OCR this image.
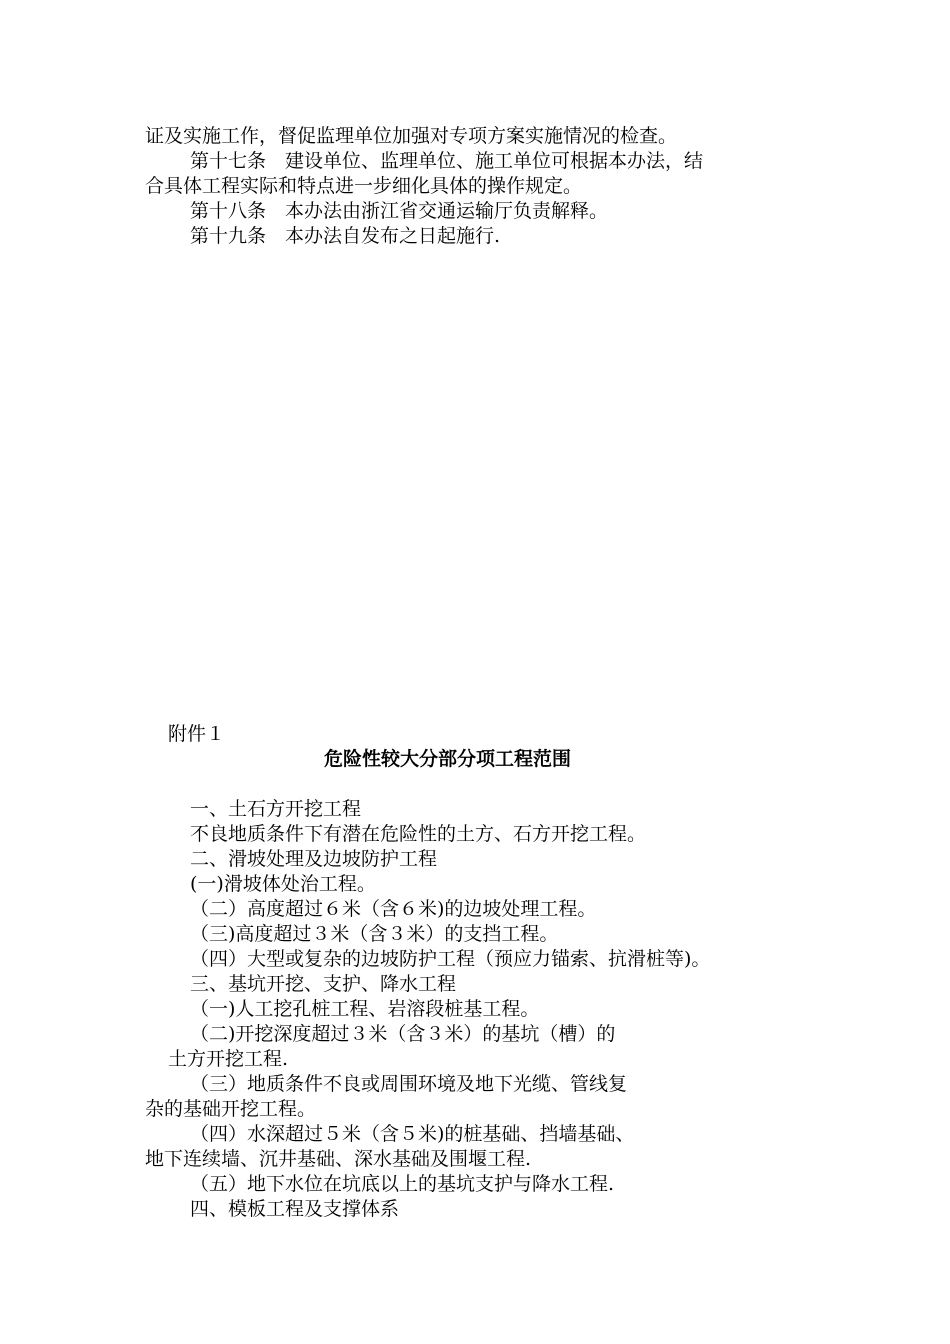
证及实施工作，督促监理单位加强对专项方案实施情况的检查。
第十七条　建设单位、监理单位、施工单位可根据本办法，结
合具体工程实际和特点进一步细化具体的操作规定。
第十八条　本办法由浙江省交通运输厅负责解释。
第十九条　本办法自发布之日起施行.
附件１
危险性较大分部分项工程范围
一、土石方开挖工程
不良地质条件下有潜在危险性的土方、石方开挖工程。
二、滑坡处理及边坡防护工程
(一)滑坡体处治工程。
（二）高度超过６米（含６米)的边坡处理工程。
（三)高度超过３米（含３米）的支挡工程。
（四）大型或复杂的边坡防护工程（预应力锚索、抗滑桩等)。
三、基坑开挖、支护、降水工程
（一)人工挖孔桩工程、岩溶段桩基工程。
（二)开挖深度超过３米（含３米）的基坑（槽）的
土方开挖工程.
（三）地质条件不良或周围环境及地下光缆、管线复
杂的基础开挖工程。
（四）水深超过５米（含５米)的桩基础、挡墙基础、
地下连续墙、沉井基础、深水基础及围堰工程.
（五）地下水位在坑底以上的基坑支护与降水工程.
四、模板工程及支撑体系
